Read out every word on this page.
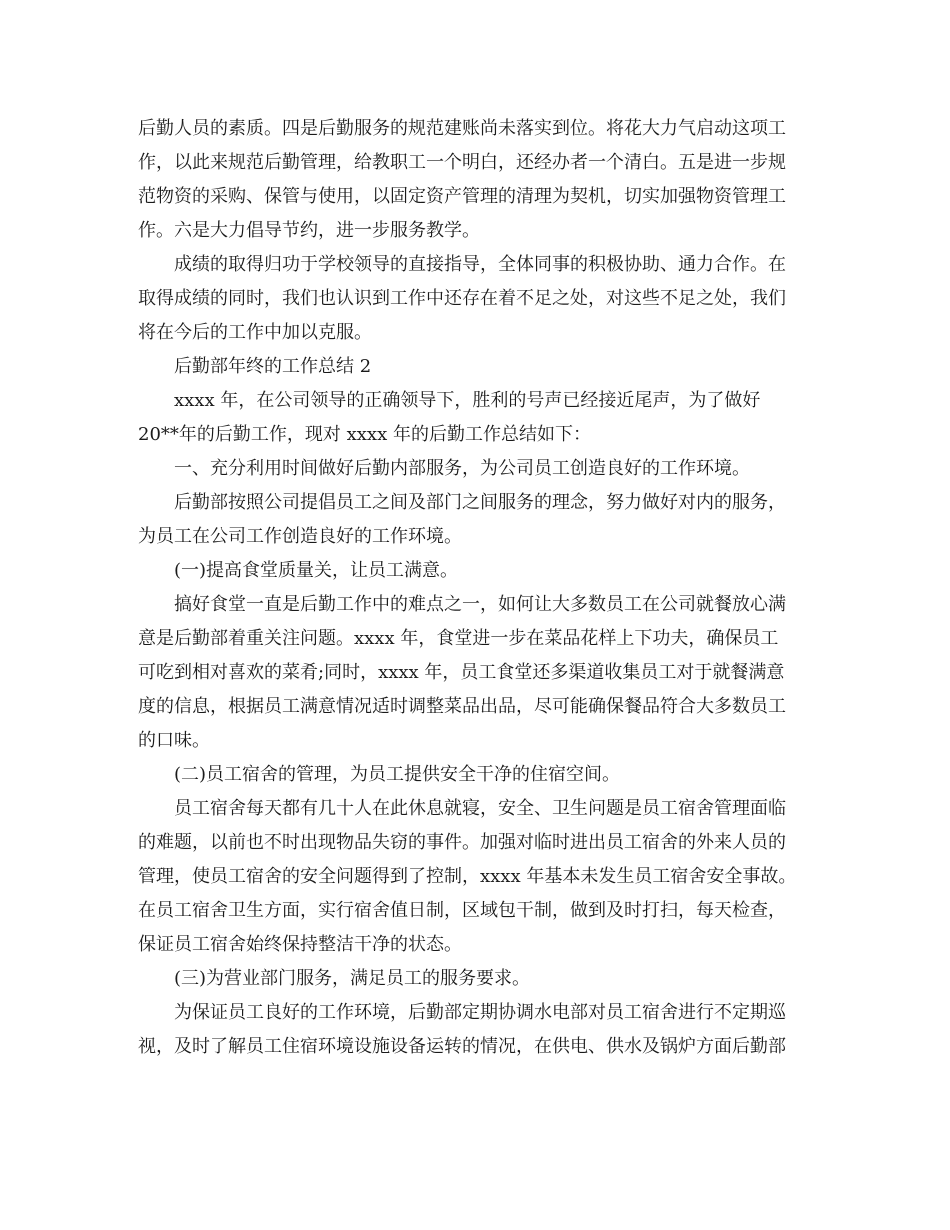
后勤人员的素质。四是后勤服务的规范建账尚未落实到位。将花大力气启动这项工
作，以此来规范后勤管理，给教职工一个明白，还经办者一个清白。五是进一步规
范物资的采购、保管与使用，以固定资产管理的清理为契机，切实加强物资管理工
作。六是大力倡导节约，进一步服务教学。
成绩的取得归功于学校领导的直接指导，全体同事的积极协助、通力合作。在
取得成绩的同时，我们也认识到工作中还存在着不足之处，对这些不足之处，我们
将在今后的工作中加以克服。
后勤部年终的工作总结 2
xxxx 年，在公司领导的正确领导下，胜利的号声已经接近尾声，为了做好
20**年的后勤工作，现对 xxxx 年的后勤工作总结如下：
一、充分利用时间做好后勤内部服务，为公司员工创造良好的工作环境。
后勤部按照公司提倡员工之间及部门之间服务的理念，努力做好对内的服务，
为员工在公司工作创造良好的工作环境。
(一)提高食堂质量关，让员工满意。
搞好食堂一直是后勤工作中的难点之一，如何让大多数员工在公司就餐放心满
意是后勤部着重关注问题。xxxx 年，食堂进一步在菜品花样上下功夫，确保员工
可吃到相对喜欢的菜肴;同时，xxxx 年，员工食堂还多渠道收集员工对于就餐满意
度的信息，根据员工满意情况适时调整菜品出品，尽可能确保餐品符合大多数员工
的口味。
(二)员工宿舍的管理，为员工提供安全干净的住宿空间。
员工宿舍每天都有几十人在此休息就寝，安全、卫生问题是员工宿舍管理面临
的难题，以前也不时出现物品失窃的事件。加强对临时进出员工宿舍的外来人员的
管理，使员工宿舍的安全问题得到了控制，xxxx 年基本未发生员工宿舍安全事故。
在员工宿舍卫生方面，实行宿舍值日制，区域包干制，做到及时打扫，每天检查，
保证员工宿舍始终保持整洁干净的状态。
(三)为营业部门服务，满足员工的服务要求。
为保证员工良好的工作环境，后勤部定期协调水电部对员工宿舍进行不定期巡
视，及时了解员工住宿环境设施设备运转的情况，在供电、供水及锅炉方面后勤部
